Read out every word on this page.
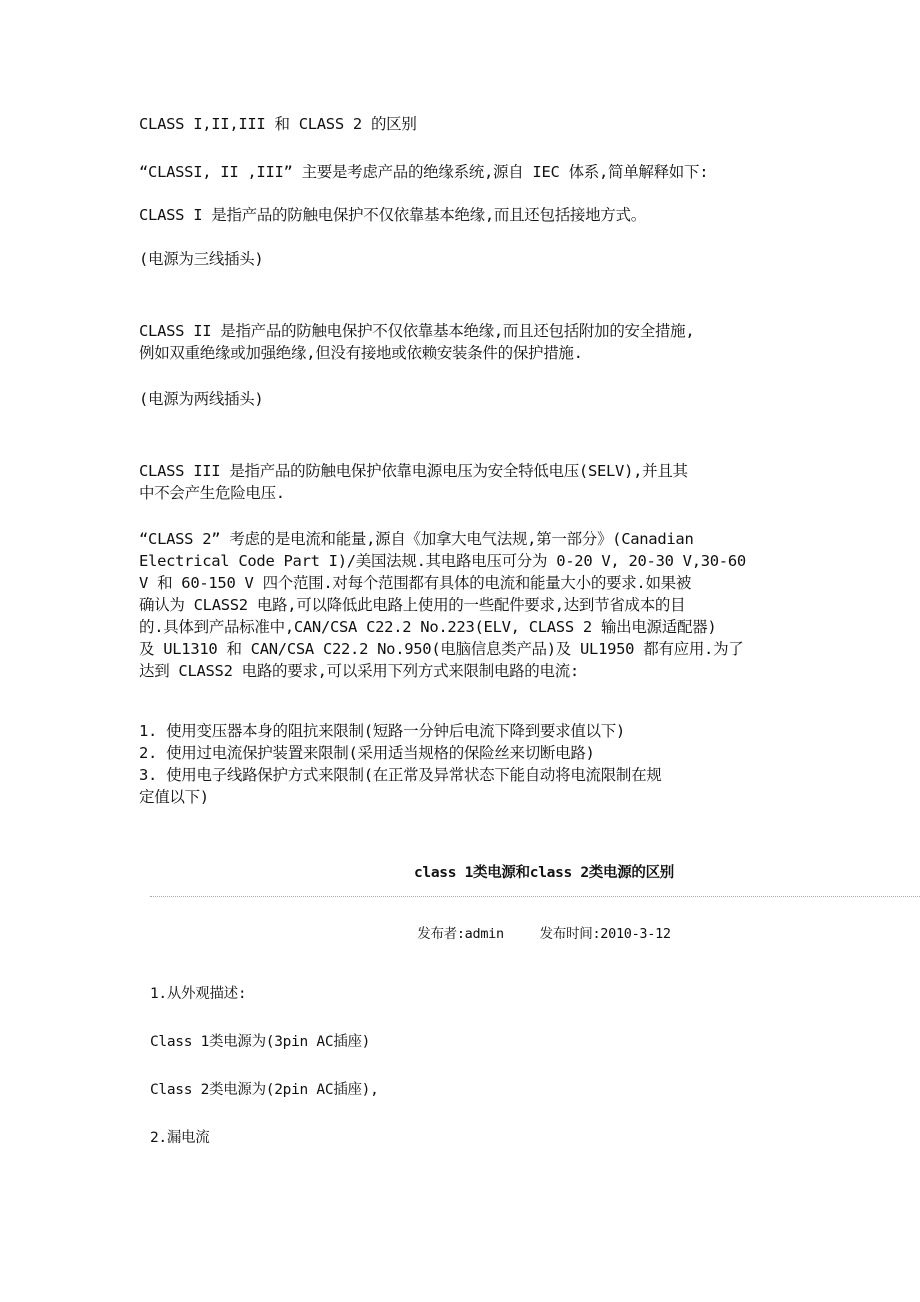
CLASS I,II,III 和 CLASS 2 的区别
“CLASSI, II ,III” 主要是考虑产品的绝缘系统,源自 IEC 体系,简单解释如下:
CLASS I 是指产品的防触电保护不仅依靠基本绝缘,而且还包括接地方式。
(电源为三线插头)
CLASS II 是指产品的防触电保护不仅依靠基本绝缘,而且还包括附加的安全措施,
例如双重绝缘或加强绝缘,但没有接地或依赖安装条件的保护措施.
(电源为两线插头)
CLASS III 是指产品的防触电保护依靠电源电压为安全特低电压(SELV),并且其
中不会产生危险电压.
“CLASS 2” 考虑的是电流和能量,源自《加拿大电气法规,第一部分》(Canadian
Electrical Code Part I)/美国法规.其电路电压可分为 0-20 V, 20-30 V,30-60
V 和 60-150 V 四个范围.对每个范围都有具体的电流和能量大小的要求.如果被
确认为 CLASS2 电路,可以降低此电路上使用的一些配件要求,达到节省成本的目
的.具体到产品标准中,CAN/CSA C22.2 No.223(ELV, CLASS 2 输出电源适配器)
及 UL1310 和 CAN/CSA C22.2 No.950(电脑信息类产品)及 UL1950 都有应用.为了
达到 CLASS2 电路的要求,可以采用下列方式来限制电路的电流:
1. 使用变压器本身的阻抗来限制(短路一分钟后电流下降到要求值以下)
2. 使用过电流保护装置来限制(采用适当规格的保险丝来切断电路)
3. 使用电子线路保护方式来限制(在正常及异常状态下能自动将电流限制在规
定值以下)
class 1类电源和class 2类电源的区别
发布者:admin	发布时间:2010-3-12
1.从外观描述:
Class 1类电源为(3pin AC插座)
Class 2类电源为(2pin AC插座),
2.漏电流
